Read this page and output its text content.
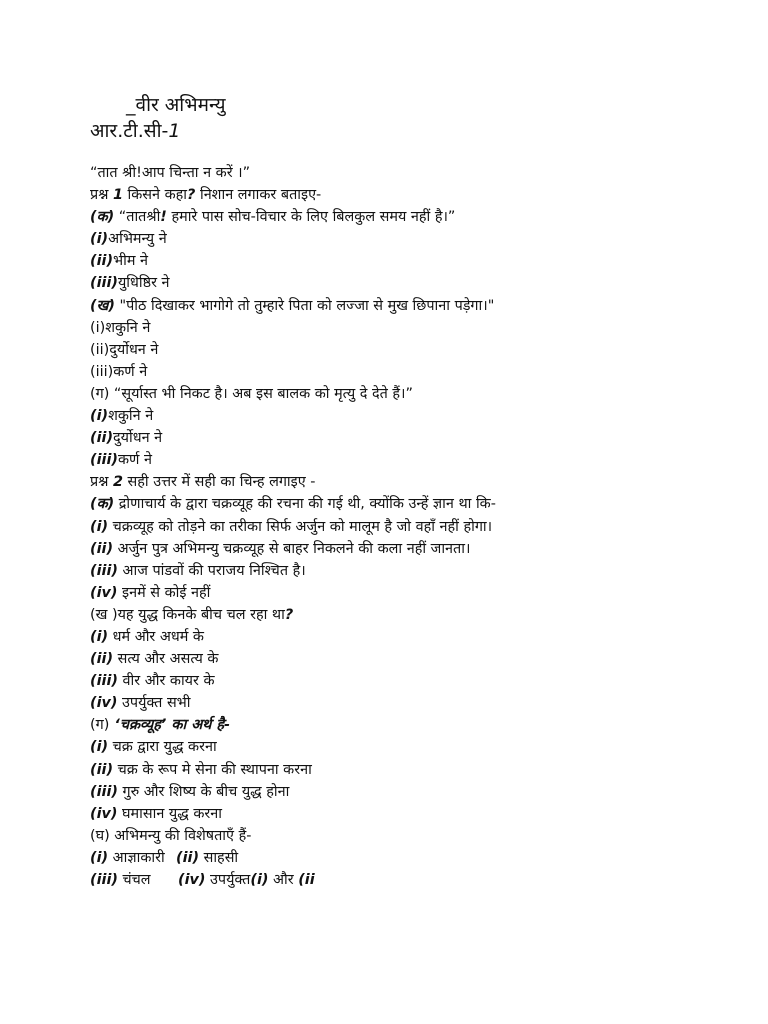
_वीर अभिमन्यु
आर.टी.सी-1
“तात श्री!आप चिन्ता न करें ।”
प्रश्न 1 किसने कहा? निशान लगाकर बताइए-
(क) “तातश्री! हमारे पास सोच-विचार के लिए बिलकुल समय नहीं है।”
(i)अभिमन्यु ने
(ii)भीम ने
(iii)युधिष्ठिर ने
(ख) "पीठ दिखाकर भागोगे तो तुम्हारे पिता को लज्जा से मुख छिपाना पड़ेगा।"
(i)शकुनि ने
(ii)दुर्योधन ने
(iii)कर्ण ने
(ग) “सूर्यास्त भी निकट है। अब इस बालक को मृत्यु दे देते हैं।”
(i)शकुनि ने
(ii)दुर्योधन ने
(iii)कर्ण ने
प्रश्न 2 सही उत्तर में सही का चिन्ह लगाइए -
(क) द्रोणाचार्य के द्वारा चक्रव्यूह की रचना की गई थी, क्योंकि उन्हें ज्ञान था कि-
(i) चक्रव्यूह को तोड़ने का तरीका सिर्फ अर्जुन को मालूम है जो वहाँ नहीं होगा।
(ii) अर्जुन पुत्र अभिमन्यु चक्रव्यूह से बाहर निकलने की कला नहीं जानता।
(iii) आज पांडवों की पराजय निश्चित है।
(iv) इनमें से कोई नहीं
(ख )यह युद्ध किनके बीच चल रहा था?
(i) धर्म और अधर्म के
(ii) सत्य और असत्य के
(iii) वीर और कायर के
(iv) उपर्युक्त सभी
(ग) ‘चक्रव्यूह’ का अर्थ है-
(i) चक्र द्वारा युद्ध करना
(ii) चक्र के रूप मे सेना की स्थापना करना
(iii) गुरु और शिष्य के बीच युद्ध होना
(iv) घमासान युद्ध करना
(घ) अभिमन्यु की विशेषताएँ हैं-
(i) आज्ञाकारी (ii) साहसी
(iii) चंचल (iv) उपर्युक्त(i) और (ii
